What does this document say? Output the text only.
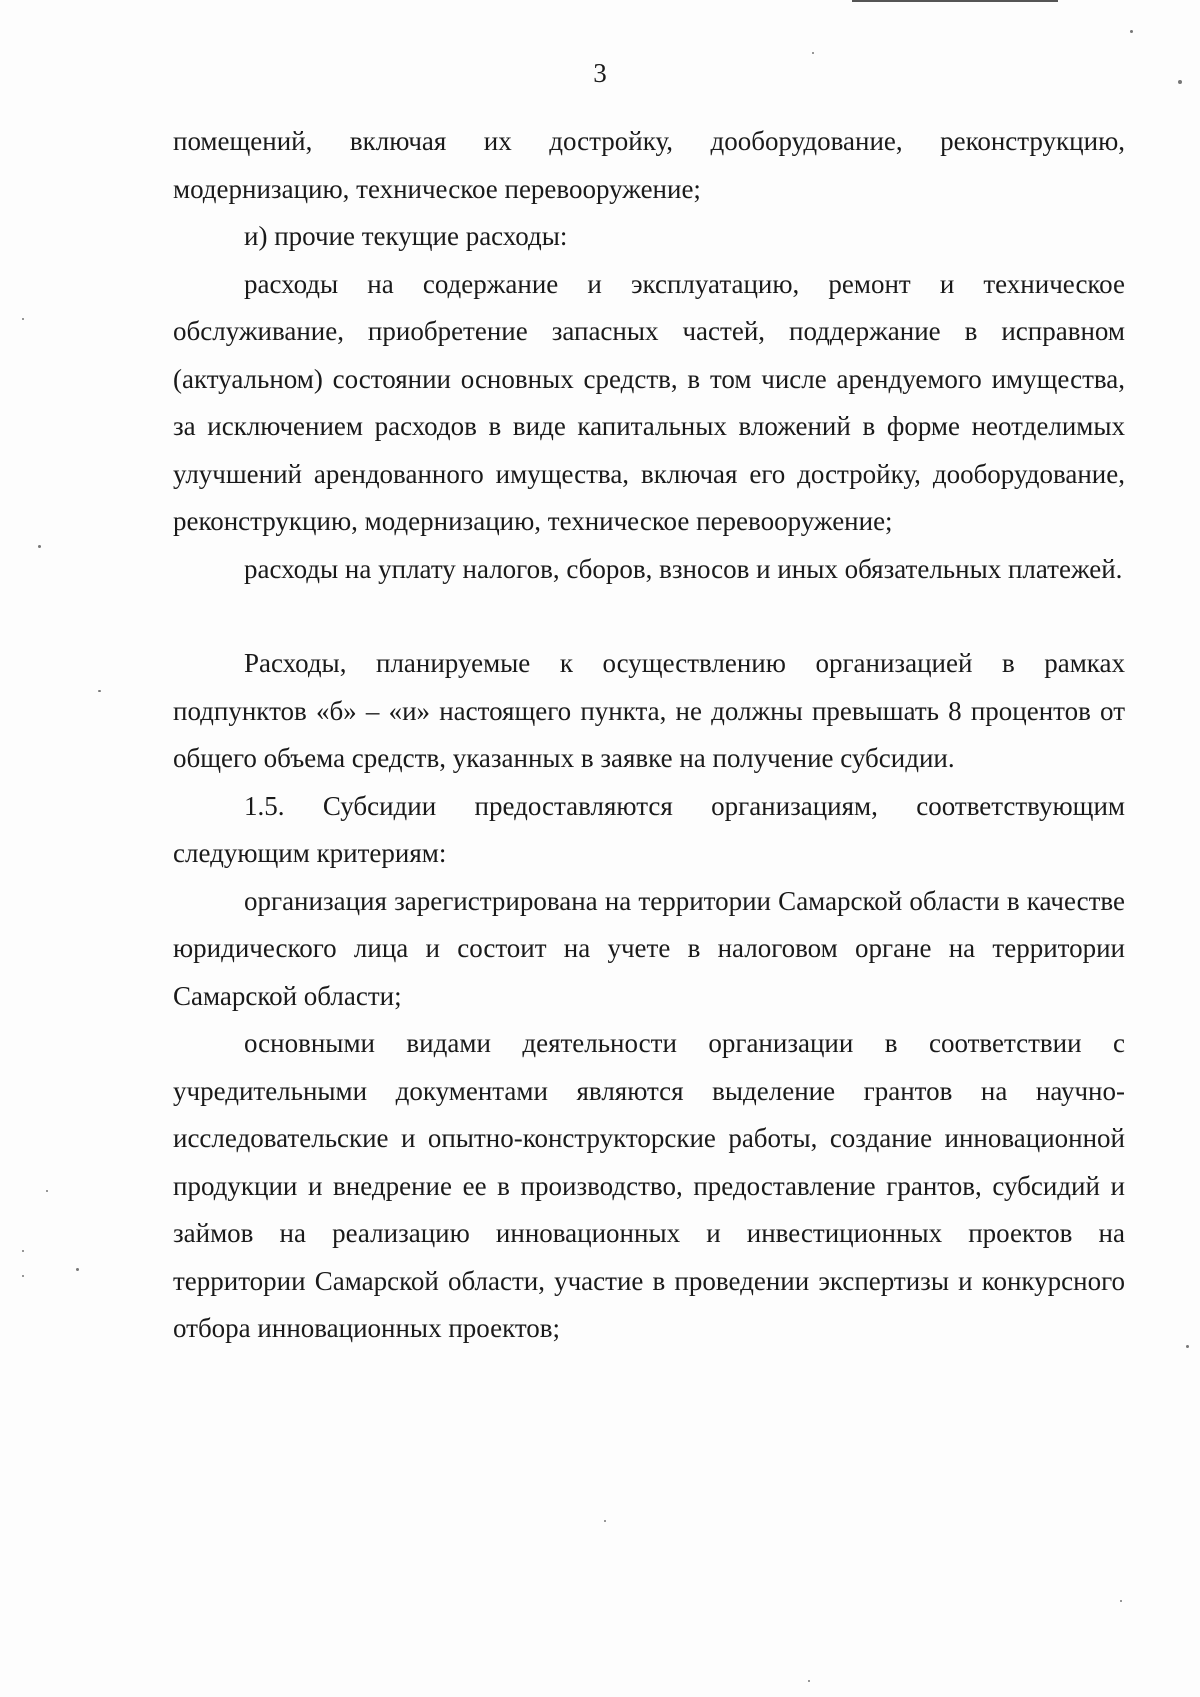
3

помещений, включая их достройку, дооборудование, реконструкцию, модернизацию, техническое перевооружение;

и) прочие текущие расходы:

расходы на содержание и эксплуатацию, ремонт и техническое обслуживание, приобретение запасных частей, поддержание в исправном (актуальном) состоянии основных средств, в том числе арендуемого имущества, за исключением расходов в виде капитальных вложений в форме неотделимых улучшений арендованного имущества, включая его достройку, дооборудование, реконструкцию, модернизацию, техническое перевооружение;

расходы на уплату налогов, сборов, взносов и иных обязательных платежей.

Расходы, планируемые к осуществлению организацией в рамках подпунктов «б» – «и» настоящего пункта, не должны превышать 8 процентов от общего объема средств, указанных в заявке на получение субсидии.

1.5. Субсидии предоставляются организациям, соответствующим следующим критериям:

организация зарегистрирована на территории Самарской области в качестве юридического лица и состоит на учете в налоговом органе на территории Самарской области;

основными видами деятельности организации в соответствии с учредительными документами являются выделение грантов на научно-исследовательские и опытно-конструкторские работы, создание инновационной продукции и внедрение ее в производство, предоставление грантов, субсидий и займов на реализацию инновационных и инвестиционных проектов на территории Самарской области, участие в проведении экспертизы и конкурсного отбора инновационных проектов;
